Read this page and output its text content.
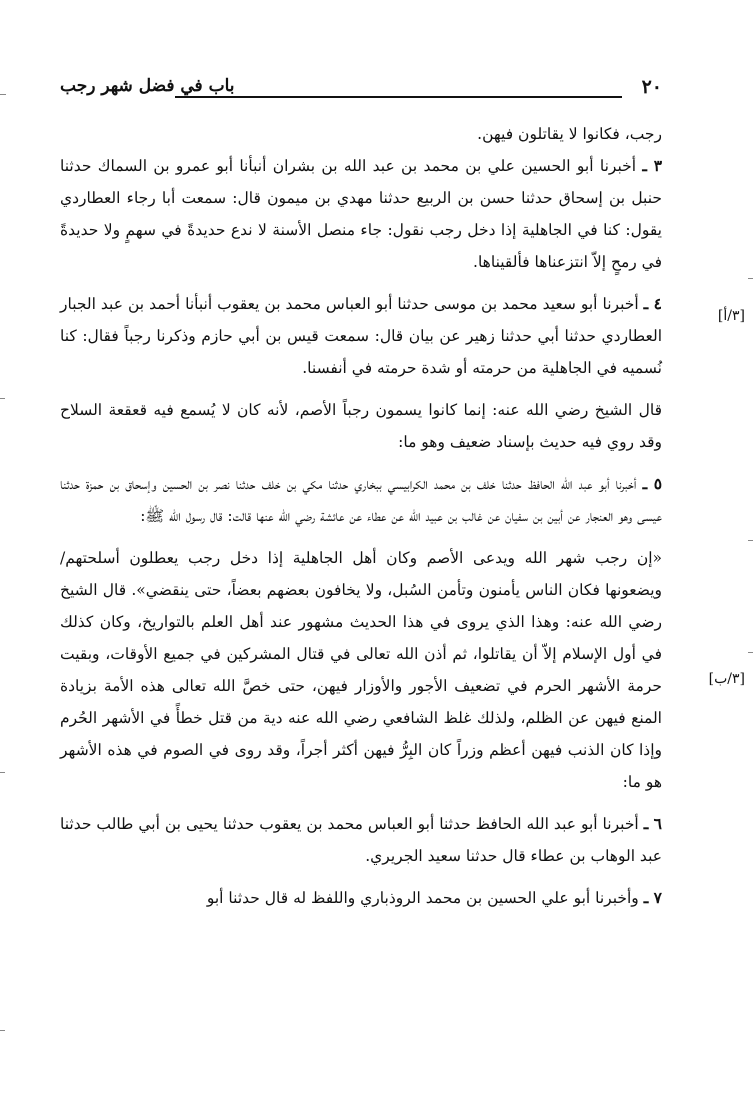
٢٠
باب في فضل شهر رجب
[٣/أ]
[٣/ب]

رجب، فكانوا لا يقاتلون فيهن.

٣ ـ أخبرنا أبو الحسين علي بن محمد بن عبد الله بن بشران أنبأنا أبو عمرو بن السماك حدثنا حنبل بن إسحاق حدثنا حسن بن الربيع حدثنا مهدي بن ميمون قال: سمعت أبا رجاء العطاردي يقول: كنا في الجاهلية إذا دخل رجب نقول: جاء منصل الأسنة لا ندع حديدةً في سهمٍ ولا حديدةً في رمحٍ إلاّ انتزعناها فألقيناها.

٤ ـ أخبرنا أبو سعيد محمد بن موسى حدثنا أبو العباس محمد بن يعقوب أنبأنا أحمد بن عبد الجبار العطاردي حدثنا أبي حدثنا زهير عن بيان قال: سمعت قيس بن أبي حازم وذكرنا رجباً فقال: كنا نُسميه في الجاهلية من حرمته أو شدة حرمته في أنفسنا.

قال الشيخ رضي الله عنه: إنما كانوا يسمون رجباً الأصم، لأنه كان لا يُسمع فيه قعقعة السلاح وقد روي فيه حديث بإسناد ضعيف وهو ما:

٥ ـ أخبرنا أبو عبد الله الحافظ حدثنا خلف بن محمد الكرابيسي ببخاري حدثنا مكي بن خلف حدثنا نصر بن الحسين وإسحاق بن حمزة حدثنا عيسى وهو العنجار عن أبين بن سفيان عن غالب بن عبيد الله عن عطاء عن عائشة رضي الله عنها قالت: قال رسول الله ﷺ:

«إن رجب شهر الله ويدعى الأصم وكان أهل الجاهلية إذا دخل رجب يعطلون أسلحتهم/ ويضعونها فكان الناس يأمنون وتأمن السُبل، ولا يخافون بعضهم بعضاً، حتى ينقضي». قال الشيخ رضي الله عنه: وهذا الذي يروى في هذا الحديث مشهور عند أهل العلم بالتواريخ، وكان كذلك في أول الإسلام إلاّ أن يقاتلوا، ثم أذن الله تعالى في قتال المشركين في جميع الأوقات، وبقيت حرمة الأشهر الحرم في تضعيف الأجور والأوزار فيهن، حتى خصَّ الله تعالى هذه الأمة بزيادة المنع فيهن عن الظلم، ولذلك غلظ الشافعي رضي الله عنه دية من قتل خطأً في الأشهر الحُرم وإذا كان الذنب فيهن أعظم وزراً كان البِرُّ فيهن أكثر أجراً، وقد روى في الصوم في هذه الأشهر هو ما:

٦ ـ أخبرنا أبو عبد الله الحافظ حدثنا أبو العباس محمد بن يعقوب حدثنا يحيى بن أبي طالب حدثنا عبد الوهاب بن عطاء قال حدثنا سعيد الجريري.

٧ ـ وأخبرنا أبو علي الحسين بن محمد الروذباري واللفظ له قال حدثنا أبو
